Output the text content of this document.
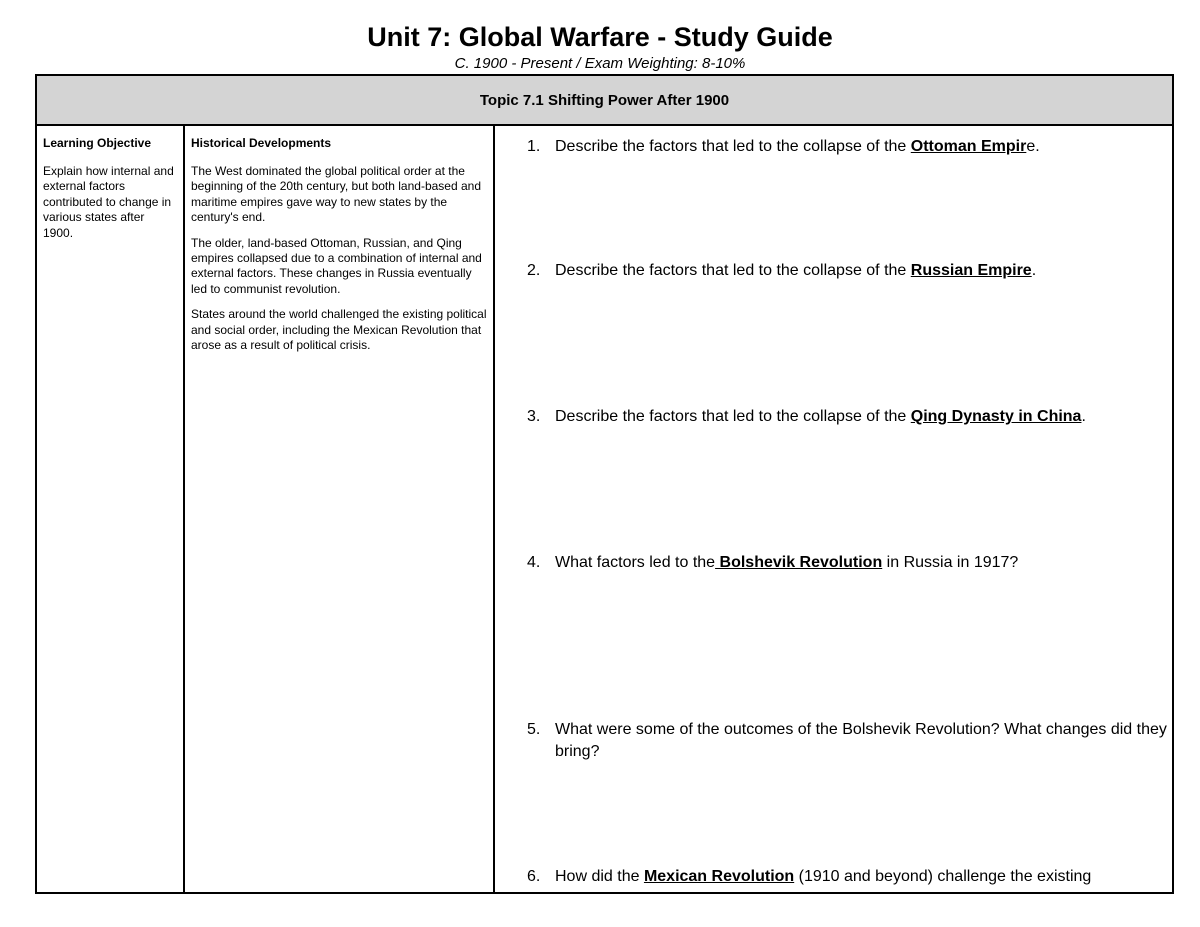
Unit 7: Global Warfare - Study Guide
C. 1900 - Present / Exam Weighting: 8-10%
Topic 7.1 Shifting Power After 1900
Learning Objective
Explain how internal and external factors contributed to change in various states after 1900.
Historical Developments

The West dominated the global political order at the beginning of the 20th century, but both land-based and maritime empires gave way to new states by the century's end.

The older, land-based Ottoman, Russian, and Qing empires collapsed due to a combination of internal and external factors. These changes in Russia eventually led to communist revolution.

States around the world challenged the existing political and social order, including the Mexican Revolution that arose as a result of political crisis.

1. Describe the factors that led to the collapse of the Ottoman Empire.
2. Describe the factors that led to the collapse of the Russian Empire.
3. Describe the factors that led to the collapse of the Qing Dynasty in China.
4. What factors led to the Bolshevik Revolution in Russia in 1917?
5. What were some of the outcomes of the Bolshevik Revolution? What changes did they bring?
6. How did the Mexican Revolution (1910 and beyond) challenge the existing
